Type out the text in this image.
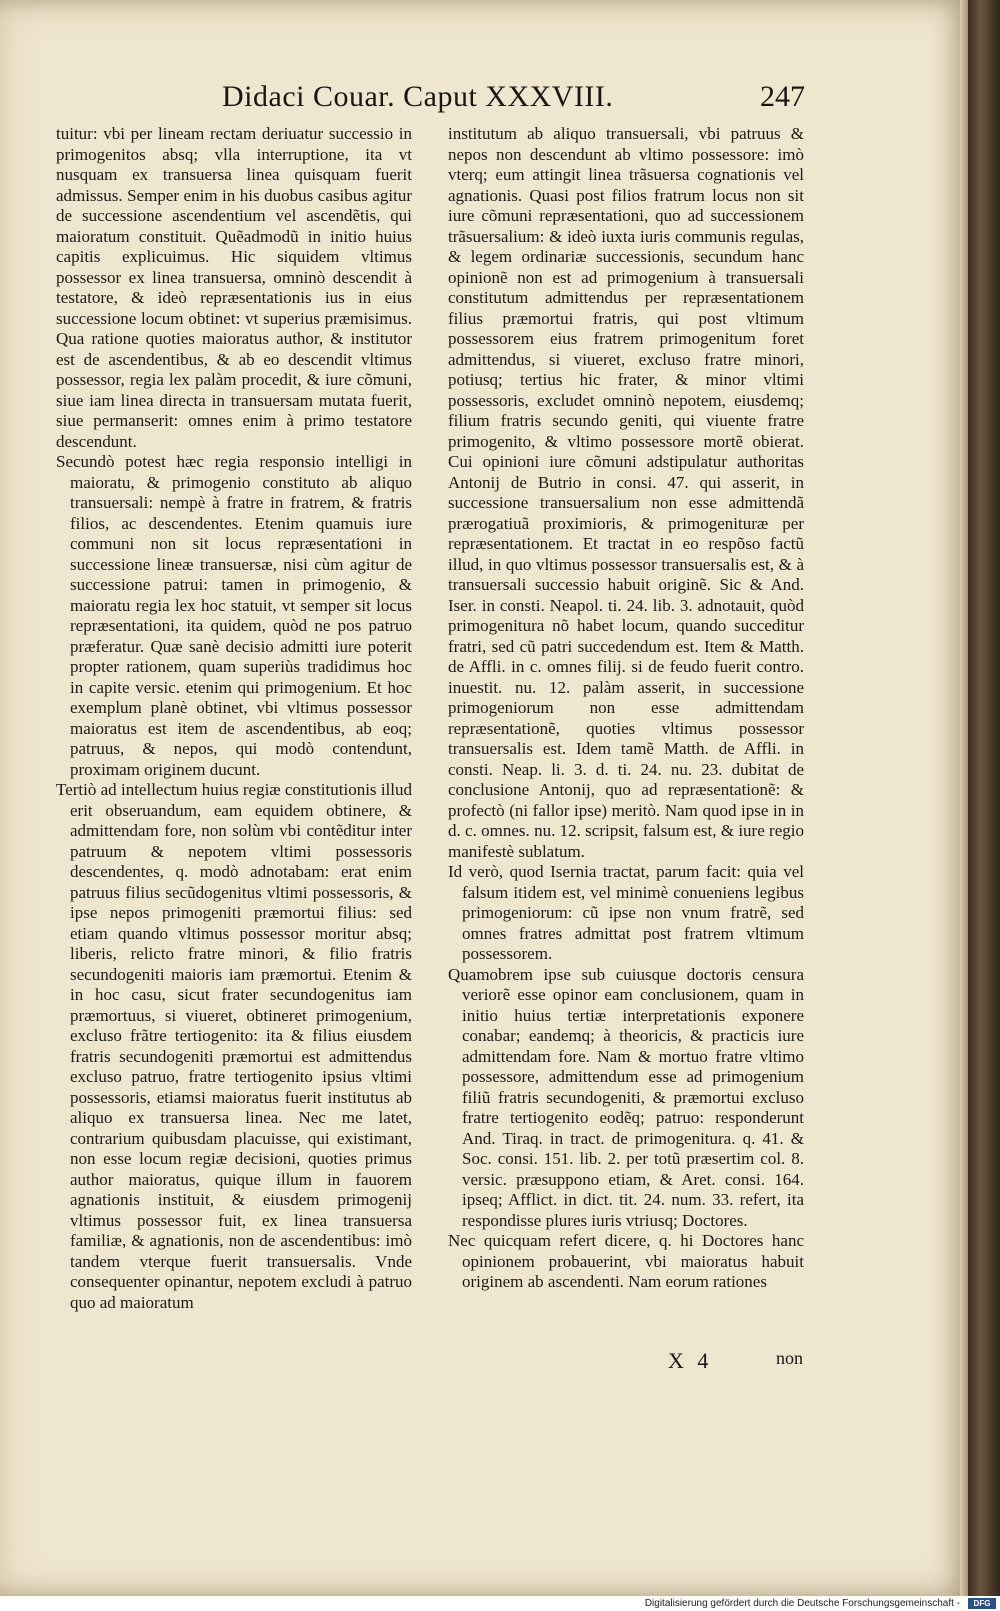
Didaci Couar. Caput XXXVIII.	247

tuitur: vbi per lineam rectam deriuatur successio in primogenitos absq; vlla interruptione, ita vt nusquam ex transuersa linea quisquam fuerit admissus. Semper enim in his duobus casibus agitur de successione ascendentium vel ascendẽtis, qui maioratum constituit. Quẽadmodũ in initio huius capitis explicuimus. Hic siquidem vltimus possessor ex linea transuersa, omninò descendit à testatore, & ideò repræsentationis ius in eius successione locum obtinet: vt superius præmisimus. Qua ratione quoties maioratus author, & institutor est de ascendentibus, & ab eo descendit vltimus possessor, regia lex palàm procedit, & iure cõmuni, siue iam linea directa in transuersam mutata fuerit, siue permanserit: omnes enim à primo testatore descendunt.

Secundò potest hæc regia responsio intelligi in maioratu, & primogenio constituto ab aliquo transuersali: nempè à fratre in fratrem, & fratris filios, ac descendentes. Etenim quamuis iure communi non sit locus repræsentationi in successione lineæ transuersæ, nisi cùm agitur de successione patrui: tamen in primogenio, & maioratu regia lex hoc statuit, vt semper sit locus repræsentationi, ita quidem, quòd ne pos patruo præferatur. Quæ sanè decisio admitti iure poterit propter rationem, quam superiùs tradidimus hoc in capite versic. etenim qui primogenium. Et hoc exemplum planè obtinet, vbi vltimus possessor maioratus est item de ascendentibus, ab eoq; patruus, & nepos, qui modò contendunt, proximam originem ducunt.

Tertiò ad intellectum huius regiæ constitutionis illud erit obseruandum, eam equidem obtinere, & admittendam fore, non solùm vbi contẽditur inter patruum & nepotem vltimi possessoris descendentes, q. modò adnotabam: erat enim patruus filius secũdogenitus vltimi possessoris, & ipse nepos primogeniti præmortui filius: sed etiam quando vltimus possessor moritur absq; liberis, relicto fratre minori, & filio fratris secundogeniti maioris iam præmortui. Etenim & in hoc casu, sicut frater secundogenitus iam præmortuus, si viueret, obtineret primogenium, excluso frãtre tertiogenito: ita & filius eiusdem fratris secundogeniti præmortui est admittendus excluso patruo, fratre tertiogenito ipsius vltimi possessoris, etiamsi maioratus fuerit institutus ab aliquo ex transuersa linea. Nec me latet, contrarium quibusdam placuisse, qui existimant, non esse locum regiæ decisioni, quoties primus author maioratus, quique illum in fauorem agnationis instituit, & eiusdem primogenij vltimus possessor fuit, ex linea transuersa familiæ, & agnationis, non de ascendentibus: imò tandem vterque fuerit transuersalis. Vnde consequenter opinantur, nepotem excludi à patruo quo ad maioratum

institutum ab aliquo transuersali, vbi patruus & nepos non descendunt ab vltimo possessore: imò vterq; eum attingit linea trãsuersa cognationis vel agnationis. Quasi post filios fratrum locus non sit iure cõmuni repræsentationi, quo ad successionem trãsuersalium: & ideò iuxta iuris communis regulas, & legem ordinariæ successionis, secundum hanc opinionẽ non est ad primogenium à transuersali constitutum admittendus per repræsentationem filius præmortui fratris, qui post vltimum possessorem eius fratrem primogenitum foret admittendus, si viueret, excluso fratre minori, potiusq; tertius hic frater, & minor vltimi possessoris, excludet omninò nepotem, eiusdemq; filium fratris secundo geniti, qui viuente fratre primogenito, & vltimo possessore mortẽ obierat. Cui opinioni iure cõmuni adstipulatur authoritas Antonij de Butrio in consi. 47. qui asserit, in successione transuersalium non esse admittendã prærogatiuã proximioris, & primogenituræ per repræsentationem. Et tractat in eo respõso factũ illud, in quo vltimus possessor transuersalis est, & à transuersali successio habuit originẽ. Sic & And. Iser. in consti. Neapol. ti. 24. lib. 3. adnotauit, quòd primogenitura nõ habet locum, quando succeditur fratri, sed cũ patri succedendum est. Item & Matth. de Affli. in c. omnes filij. si de feudo fuerit contro. inuestit. nu. 12. palàm asserit, in successione primogeniorum non esse admittendam repræsentationẽ, quoties vltimus possessor transuersalis est. Idem tamẽ Matth. de Affli. in consti. Neap. li. 3. d. ti. 24. nu. 23. dubitat de conclusione Antonij, quo ad repræsentationẽ: & profectò (ni fallor ipse) meritò. Nam quod ipse in in d. c. omnes. nu. 12. scripsit, falsum est, & iure regio manifestè sublatum.

Id verò, quod Isernia tractat, parum facit: quia vel falsum itidem est, vel minimè conueniens legibus primogeniorum: cũ ipse non vnum fratrẽ, sed omnes fratres admittat post fratrem vltimum possessorem.

Quamobrem ipse sub cuiusque doctoris censura veriorẽ esse opinor eam conclusionem, quam in initio huius tertiæ interpretationis exponere conabar; eandemq; à theoricis, & practicis iure admittendam fore. Nam & mortuo fratre vltimo possessore, admittendum esse ad primogenium filiũ fratris secundogeniti, & præmortui excluso fratre tertiogenito eodẽq; patruo: responderunt And. Tiraq. in tract. de primogenitura. q. 41. & Soc. consi. 151. lib. 2. per totũ præsertim col. 8. versic. præsuppono etiam, & Aret. consi. 164. ipseq; Afflict. in dict. tit. 24. num. 33. refert, ita respondisse plures iuris vtriusq; Doctores.

Nec quicquam refert dicere, q. hi Doctores hanc opinionem probauerint, vbi maioratus habuit originem ab ascendenti. Nam eorum rationes

X 4	non
Digitalisierung gefördert durch die Deutsche Forschungsgemeinschaft -	DFG
